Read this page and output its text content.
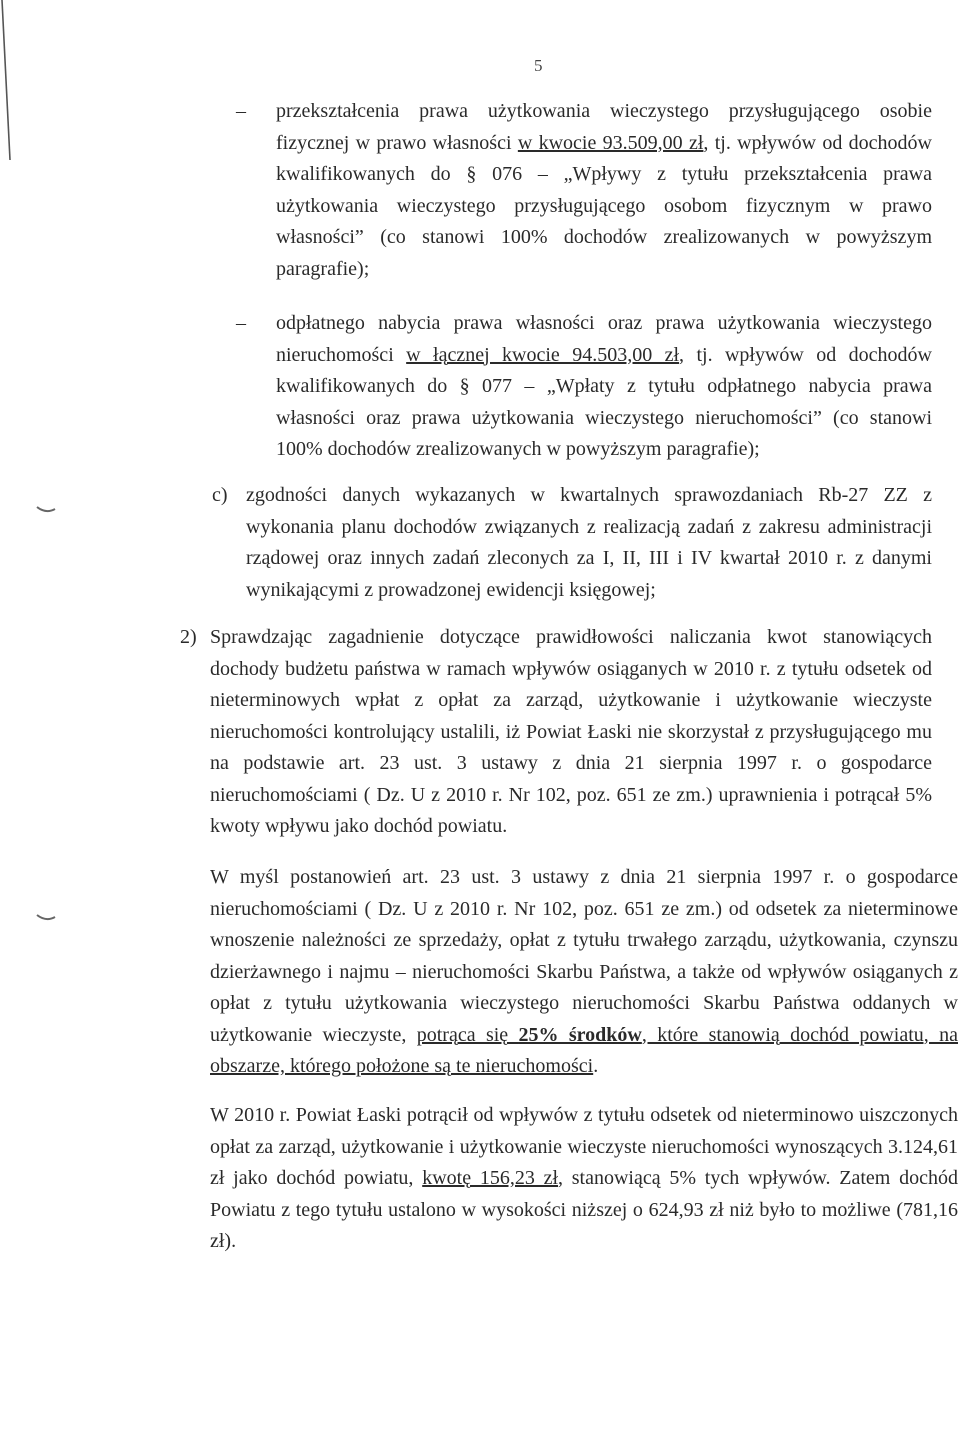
5
– przekształcenia prawa użytkowania wieczystego przysługującego osobie fizycznej w prawo własności w kwocie 93.509,00 zł, tj. wpływów od dochodów kwalifikowanych do § 076 – „Wpływy z tytułu przekształcenia prawa użytkowania wieczystego przysługującego osobom fizycznym w prawo własności” (co stanowi 100% dochodów zrealizowanych w powyższym paragrafie);
– odpłatnego nabycia prawa własności oraz prawa użytkowania wieczystego nieruchomości w łącznej kwocie 94.503,00 zł, tj. wpływów od dochodów kwalifikowanych do § 077 – „Wpłaty z tytułu odpłatnego nabycia prawa własności oraz prawa użytkowania wieczystego nieruchomości” (co stanowi 100% dochodów zrealizowanych w powyższym paragrafie);
c) zgodności danych wykazanych w kwartalnych sprawozdaniach Rb-27 ZZ z wykonania planu dochodów związanych z realizacją zadań z zakresu administracji rządowej oraz innych zadań zleconych za I, II, III i IV kwartał 2010 r. z danymi wynikającymi z prowadzonej ewidencji księgowej;
2) Sprawdzając zagadnienie dotyczące prawidłowości naliczania kwot stanowiących dochody budżetu państwa w ramach wpływów osiąganych w 2010 r. z tytułu odsetek od nieterminowych wpłat z opłat za zarząd, użytkowanie i użytkowanie wieczyste nieruchomości kontrolujący ustalili, iż Powiat Łaski nie skorzystał z przysługującego mu na podstawie art. 23 ust. 3 ustawy z dnia 21 sierpnia 1997 r. o gospodarce nieruchomościami ( Dz. U z 2010 r. Nr 102, poz. 651 ze zm.) uprawnienia i potrącał 5% kwoty wpływu jako dochód powiatu.
W myśl postanowień art. 23 ust. 3 ustawy z dnia 21 sierpnia 1997 r. o gospodarce nieruchomościami ( Dz. U z 2010 r. Nr 102, poz. 651 ze zm.) od odsetek za nieterminowe wnoszenie należności ze sprzedaży, opłat z tytułu trwałego zarządu, użytkowania, czynszu dzierżawnego i najmu – nieruchomości Skarbu Państwa, a także od wpływów osiąganych z opłat z tytułu użytkowania wieczystego nieruchomości Skarbu Państwa oddanych w użytkowanie wieczyste, potrąca się 25% środków, które stanowią dochód powiatu, na obszarze, którego położone są te nieruchomości.
W 2010 r. Powiat Łaski potrącił od wpływów z tytułu odsetek od nieterminowo uiszczonych opłat za zarząd, użytkowanie i użytkowanie wieczyste nieruchomości wynoszących 3.124,61 zł jako dochód powiatu, kwotę 156,23 zł, stanowiącą 5% tych wpływów. Zatem dochód Powiatu z tego tytułu ustalono w wysokości niższej o 624,93 zł niż było to możliwe (781,16 zł).
